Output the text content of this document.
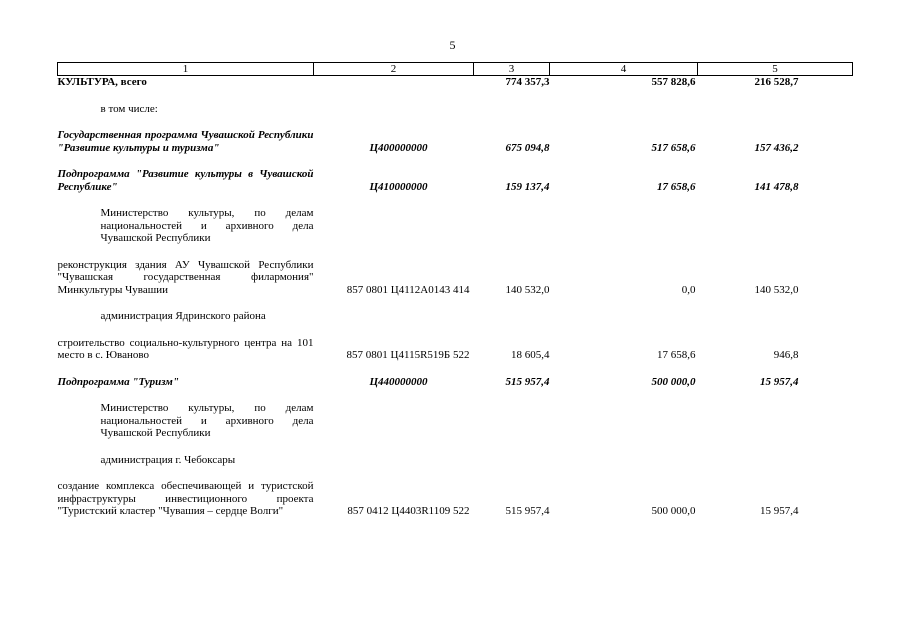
5
1	2	3	4	5
КУЛЬТУРА, всего		774 357,3	557 828,6	216 528,7

в том числе:				

Государственная программа Чувашской Республики "Развитие культуры и туризма"	Ц400000000	675 094,8	517 658,6	157 436,2

Подпрограмма "Развитие культуры в Чувашской Республике"	Ц410000000	159 137,4	17 658,6	141 478,8

Министерство культуры, по делам национальностей и архивного дела Чувашской Республики				

реконструкция здания АУ Чувашской Республики "Чувашская государственная филармония" Минкультуры Чувашии	857 0801 Ц4112A0143 414	140 532,0	0,0	140 532,0

администрация Ядринского района				

строительство социально-культурного центра на 101 место в с. Юваново	857 0801 Ц4115R519Б 522	18 605,4	17 658,6	946,8

Подпрограмма "Туризм"	Ц440000000	515 957,4	500 000,0	15 957,4

Министерство культуры, по делам национальностей и архивного дела Чувашской Республики				

администрация г. Чебоксары				

создание комплекса обеспечивающей и туристской инфраструктуры инвестиционного проекта "Туристский кластер "Чувашия – сердце Волги"	857 0412 Ц4403R1109 522	515 957,4	500 000,0	15 957,4
